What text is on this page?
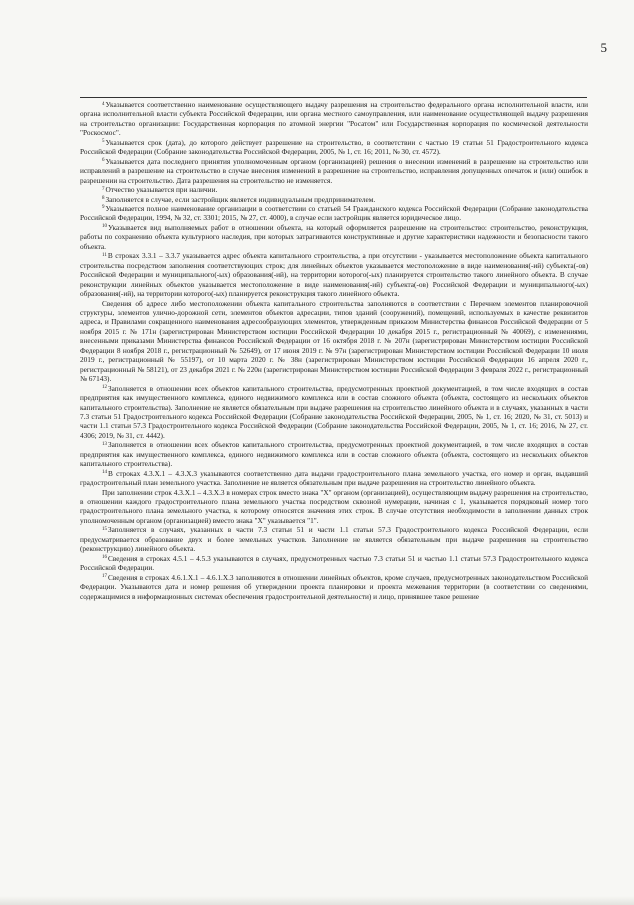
5

$^4$Указывается соответственно наименование осуществляющего выдачу разрешения на строительство федерального органа исполнительной власти, или органа исполнительной власти субъекта Российской Федерации, или органа местного самоуправления, или наименование осуществляющей выдачу разрешения на строительство организации: Государственная корпорация по атомной энергии "Росатом" или Государственная корпорация по космической деятельности "Роскосмос".

$^5$Указывается срок (дата), до которого действует разрешение на строительство, в соответствии с частью 19 статьи 51 Градостроительного кодекса Российской Федерации (Собрание законодательства Российской Федерации, 2005, № 1, ст. 16; 2011, № 30, ст. 4572).

$^6$Указывается дата последнего принятия уполномоченным органом (организацией) решения о внесении изменений в разрешение на строительство или исправлений в разрешение на строительство в случае внесения изменений в разрешение на строительство, исправления допущенных опечаток и (или) ошибок в разрешении на строительство. Дата разрешения на строительство не изменяется.

$^7$Отчество указывается при наличии.

$^8$Заполняется в случае, если застройщик является индивидуальным предпринимателем.

$^9$Указывается полное наименование организации в соответствии со статьей 54 Гражданского кодекса Российской Федерации (Собрание законодательства Российской Федерации, 1994, № 32, ст. 3301; 2015, № 27, ст. 4000), в случае если застройщик является юридическое лицо.

$^{10}$Указывается вид выполняемых работ в отношении объекта, на который оформляется разрешение на строительство: строительство, реконструкция, работы по сохранению объекта культурного наследия, при которых затрагиваются конструктивные и другие характеристики надежности и безопасности такого объекта.

$^{11}$В строках 3.3.1 – 3.3.7 указывается адрес объекта капитального строительства, а при отсутствии - указывается местоположение объекта капитального строительства посредством заполнения соответствующих строк; для линейных объектов указывается местоположение в виде наименования(-ий) субъекта(-ов) Российской Федерации и муниципального(-ых) образования(-ий), на территории которого(-ых) планируется строительство такого линейного объекта. В случае реконструкции линейных объектов указывается местоположение в виде наименования(-ий) субъекта(-ов) Российской Федерации и муниципального(-ых) образования(-ий), на территории которого(-ых) планируется реконструкция такого линейного объекта.

Сведения об адресе либо местоположении объекта капитального строительства заполняются в соответствии с Перечнем элементов планировочной структуры, элементов улично-дорожной сети, элементов объектов адресации, типов зданий (сооружений), помещений, используемых в качестве реквизитов адреса, и Правилами сокращенного наименования адресообразующих элементов, утвержденным приказом Министерства финансов Российской Федерации от 5 ноября 2015 г. № 171н (зарегистрирован Министерством юстиции Российской Федерации 10 декабря 2015 г., регистрационный № 40069), с изменениями, внесенными приказами Министерства финансов Российской Федерации от 16 октября 2018 г. № 207н (зарегистрирован Министерством юстиции Российской Федерации 8 ноября 2018 г., регистрационный № 52649), от 17 июня 2019 г. № 97н (зарегистрирован Министерством юстиции Российской Федерации 10 июля 2019 г., регистрационный № 55197), от 10 марта 2020 г. № 38н (зарегистрирован Министерством юстиции Российской Федерации 16 апреля 2020 г., регистрационный № 58121), от 23 декабря 2021 г. № 220н (зарегистрирован Министерством юстиции Российской Федерации 3 февраля 2022 г., регистрационный № 67143).

$^{12}$Заполняется в отношении всех объектов капитального строительства, предусмотренных проектной документацией, в том числе входящих в состав предприятия как имущественного комплекса, единого недвижимого комплекса или в состав сложного объекта (объекта, состоящего из нескольких объектов капитального строительства). Заполнение не является обязательным при выдаче разрешения на строительство линейного объекта и в случаях, указанных в части 7.3 статьи 51 Градостроительного кодекса Российской Федерации (Собрание законодательства Российской Федерации, 2005, № 1, ст. 16; 2020, № 31, ст. 5013) и части 1.1 статьи 57.3 Градостроительного кодекса Российской Федерации (Собрание законодательства Российской Федерации, 2005, № 1, ст. 16; 2016, № 27, ст. 4306; 2019, № 31, ст. 4442).

$^{13}$Заполняется в отношении всех объектов капитального строительства, предусмотренных проектной документацией, в том числе входящих в состав предприятия как имущественного комплекса, единого недвижимого комплекса или в состав сложного объекта (объекта, состоящего из нескольких объектов капитального строительства).

$^{14}$В строках 4.3.X.1 – 4.3.X.3 указываются соответственно дата выдачи градостроительного плана земельного участка, его номер и орган, выдавший градостроительный план земельного участка. Заполнение не является обязательным при выдаче разрешения на строительство линейного объекта.

При заполнении строк 4.3.X.1 – 4.3.X.3 в номерах строк вместо знака "X" органом (организацией), осуществляющим выдачу разрешения на строительство, в отношении каждого градостроительного плана земельного участка посредством сквозной нумерации, начиная с 1, указывается порядковый номер того градостроительного плана земельного участка, к которому относятся значения этих строк. В случае отсутствия необходимости в заполнении данных строк уполномоченным органом (организацией) вместо знака "X" указывается "1".

$^{15}$Заполняется в случаях, указанных в части 7.3 статьи 51 и части 1.1 статьи 57.3 Градостроительного кодекса Российской Федерации, если предусматривается образование двух и более земельных участков. Заполнение не является обязательным при выдаче разрешения на строительство (реконструкцию) линейного объекта.

$^{16}$Сведения в строках 4.5.1 – 4.5.3 указываются в случаях, предусмотренных частью 7.3 статьи 51 и частью 1.1 статьи 57.3 Градостроительного кодекса Российской Федерации.

$^{17}$Сведения в строках 4.6.1.X.1 – 4.6.1.X.3 заполняются в отношении линейных объектов, кроме случаев, предусмотренных законодательством Российской Федерации. Указываются дата и номер решения об утверждении проекта планировки и проекта межевания территории (в соответствии со сведениями, содержащимися в информационных системах обеспечения градостроительной деятельности) и лицо, принявшее такое решение
